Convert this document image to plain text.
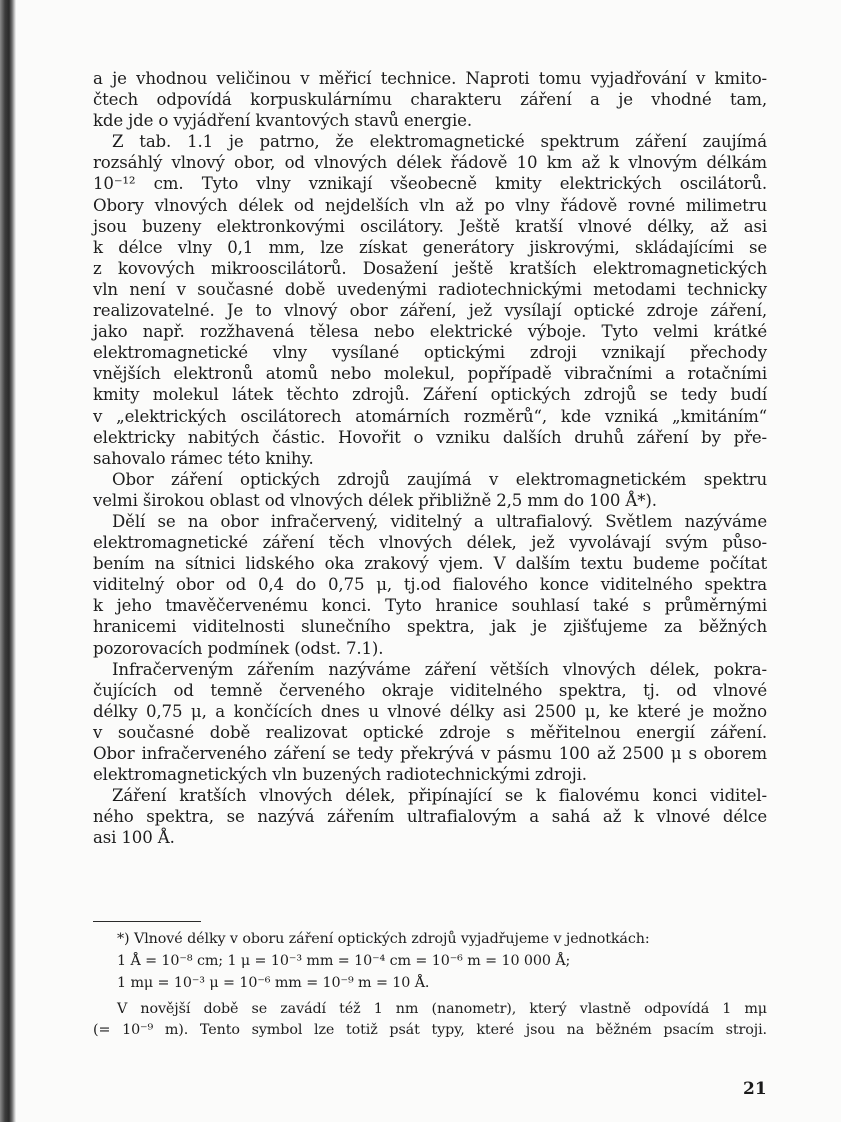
a je vhodnou veličinou v měřicí technice. Naproti tomu vyjadřování v kmito-
čtech odpovídá korpuskulárnímu charakteru záření a je vhodné tam,
kde jde o vyjádření kvantových stavů energie.
Z tab. 1.1 je patrno, že elektromagnetické spektrum záření zaujímá
rozsáhlý vlnový obor, od vlnových délek řádově 10 km až k vlnovým délkám
10⁻¹² cm. Tyto vlny vznikají všeobecně kmity elektrických oscilátorů.
Obory vlnových délek od nejdelších vln až po vlny řádově rovné milimetru
jsou buzeny elektronkovými oscilátory. Ještě kratší vlnové délky, až asi
k délce vlny 0,1 mm, lze získat generátory jiskrovými, skládajícími se
z kovových mikrooscilátorů. Dosažení ještě kratších elektromagnetických
vln není v současné době uvedenými radiotechnickými metodami technicky
realizovatelné. Je to vlnový obor záření, jež vysílají optické zdroje záření,
jako např. rozžhavená tělesa nebo elektrické výboje. Tyto velmi krátké
elektromagnetické vlny vysílané optickými zdroji vznikají přechody
vnějších elektronů atomů nebo molekul, popřípadě vibračními a rotačními
kmity molekul látek těchto zdrojů. Záření optických zdrojů se tedy budí
v „elektrických oscilátorech atomárních rozměrů“, kde vzniká „kmitáním“
elektricky nabitých částic. Hovořit o vzniku dalších druhů záření by pře-
sahovalo rámec této knihy.
Obor záření optických zdrojů zaujímá v elektromagnetickém spektru
velmi širokou oblast od vlnových délek přibližně 2,5 mm do 100 Å*).
Dělí se na obor infračervený, viditelný a ultrafialový. Světlem nazýváme
elektromagnetické záření těch vlnových délek, jež vyvolávají svým půso-
bením na sítnici lidského oka zrakový vjem. V dalším textu budeme počítat
viditelný obor od 0,4 do 0,75 μ, tj.od fialového konce viditelného spektra
k jeho tmavěčervenému konci. Tyto hranice souhlasí také s průměrnými
hranicemi viditelnosti slunečního spektra, jak je zjišťujeme za běžných
pozorovacích podmínek (odst. 7.1).
Infračerveným zářením nazýváme záření větších vlnových délek, pokra-
čujících od temně červeného okraje viditelného spektra, tj. od vlnové
délky 0,75 μ, a končících dnes u vlnové délky asi 2500 μ, ke které je možno
v současné době realizovat optické zdroje s měřitelnou energií záření.
Obor infračerveného záření se tedy překrývá v pásmu 100 až 2500 μ s oborem
elektromagnetických vln buzených radiotechnickými zdroji.
Záření kratších vlnových délek, připínající se k fialovému konci viditel-
ného spektra, se nazývá zářením ultrafialovým a sahá až k vlnové délce
asi 100 Å.
*) Vlnové délky v oboru záření optických zdrojů vyjadřujeme v jednotkách:
1 Å = 10⁻⁸ cm; 1 μ = 10⁻³ mm = 10⁻⁴ cm = 10⁻⁶ m = 10 000 Å;
1 mμ = 10⁻³ μ = 10⁻⁶ mm = 10⁻⁹ m = 10 Å.
V novější době se zavádí též 1 nm (nanometr), který vlastně odpovídá 1 mμ
(= 10⁻⁹ m). Tento symbol lze totiž psát typy, které jsou na běžném psacím stroji.
21
